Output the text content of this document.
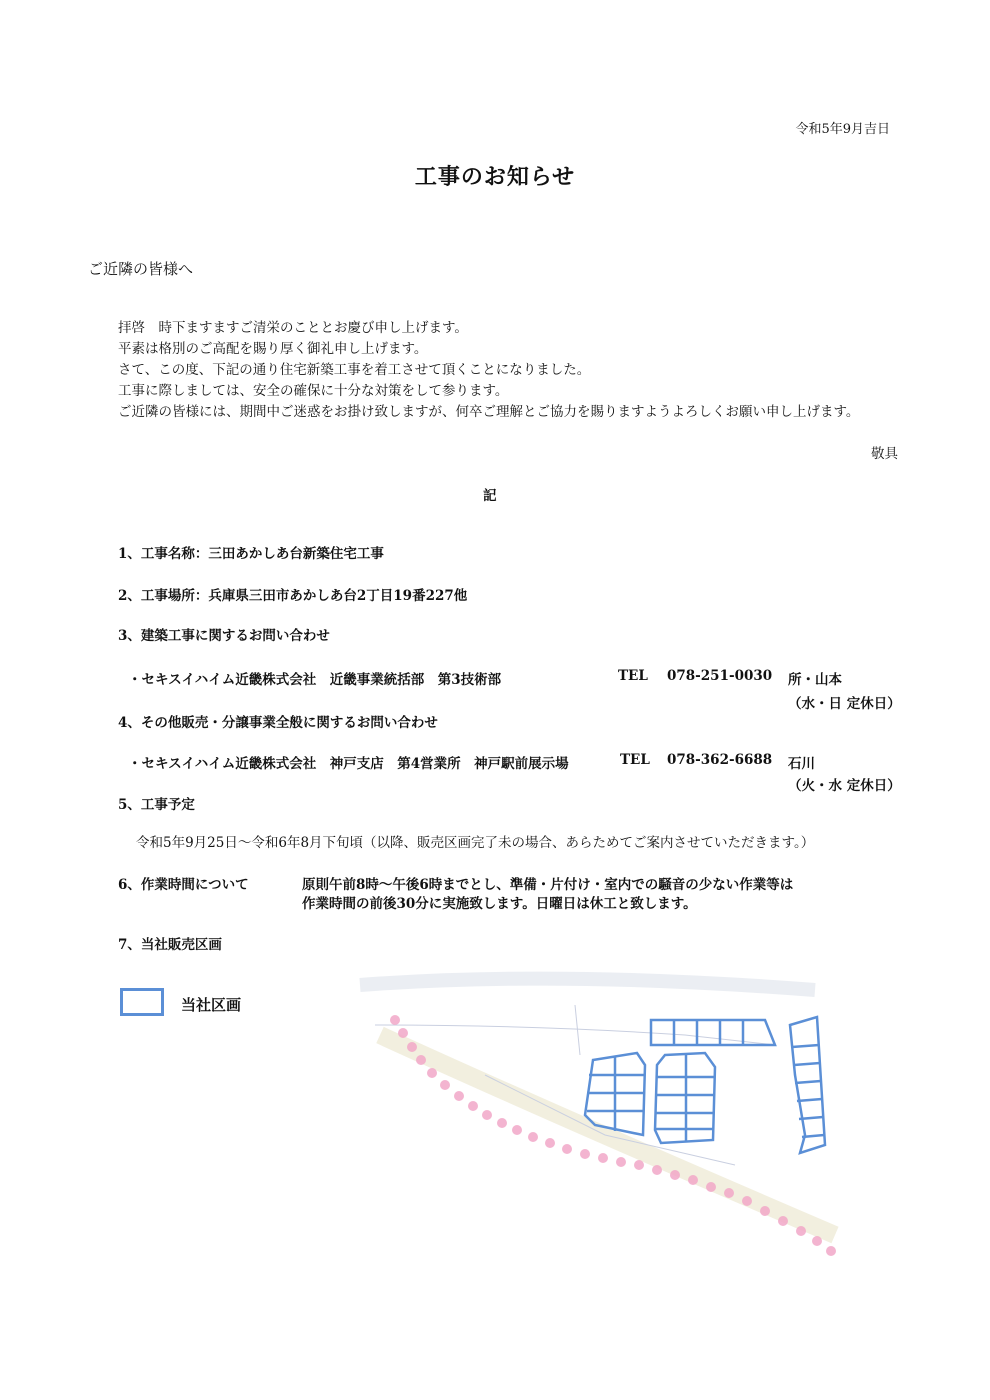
令和5年9月吉日
工事のお知らせ
ご近隣の皆様へ
拝啓　時下ますますご清栄のこととお慶び申し上げます。
平素は格別のご高配を賜り厚く御礼申し上げます。
さて、この度、下記の通り住宅新築工事を着工させて頂くことになりました。
工事に際しましては、安全の確保に十分な対策をして参ります。
ご近隣の皆様には、期間中ご迷惑をお掛け致しますが、何卒ご理解とご協力を賜りますようよろしくお願い申し上げます。
敬具
記
1、工事名称：三田あかしあ台新築住宅工事
2、工事場所：兵庫県三田市あかしあ台2丁目19番227他
3、建築工事に関するお問い合わせ
・セキスイハイム近畿株式会社　近畿事業統括部　第3技術部	TEL 078-251-0030 所・山本
（水・日 定休日）
4、その他販売・分譲事業全般に関するお問い合わせ
・セキスイハイム近畿株式会社　神戸支店　第4営業所　神戸駅前展示場	TEL 078-362-6688 石川
（火・水 定休日）
5、工事予定
令和5年9月25日～令和6年8月下旬頃（以降、販売区画完了未の場合、あらためてご案内させていただきます。）
6、作業時間について	原則午前8時～午後6時までとし、準備・片付け・室内での騒音の少ない作業等は
作業時間の前後30分に実施致します。日曜日は休工と致します。
7、当社販売区画
当社区画
